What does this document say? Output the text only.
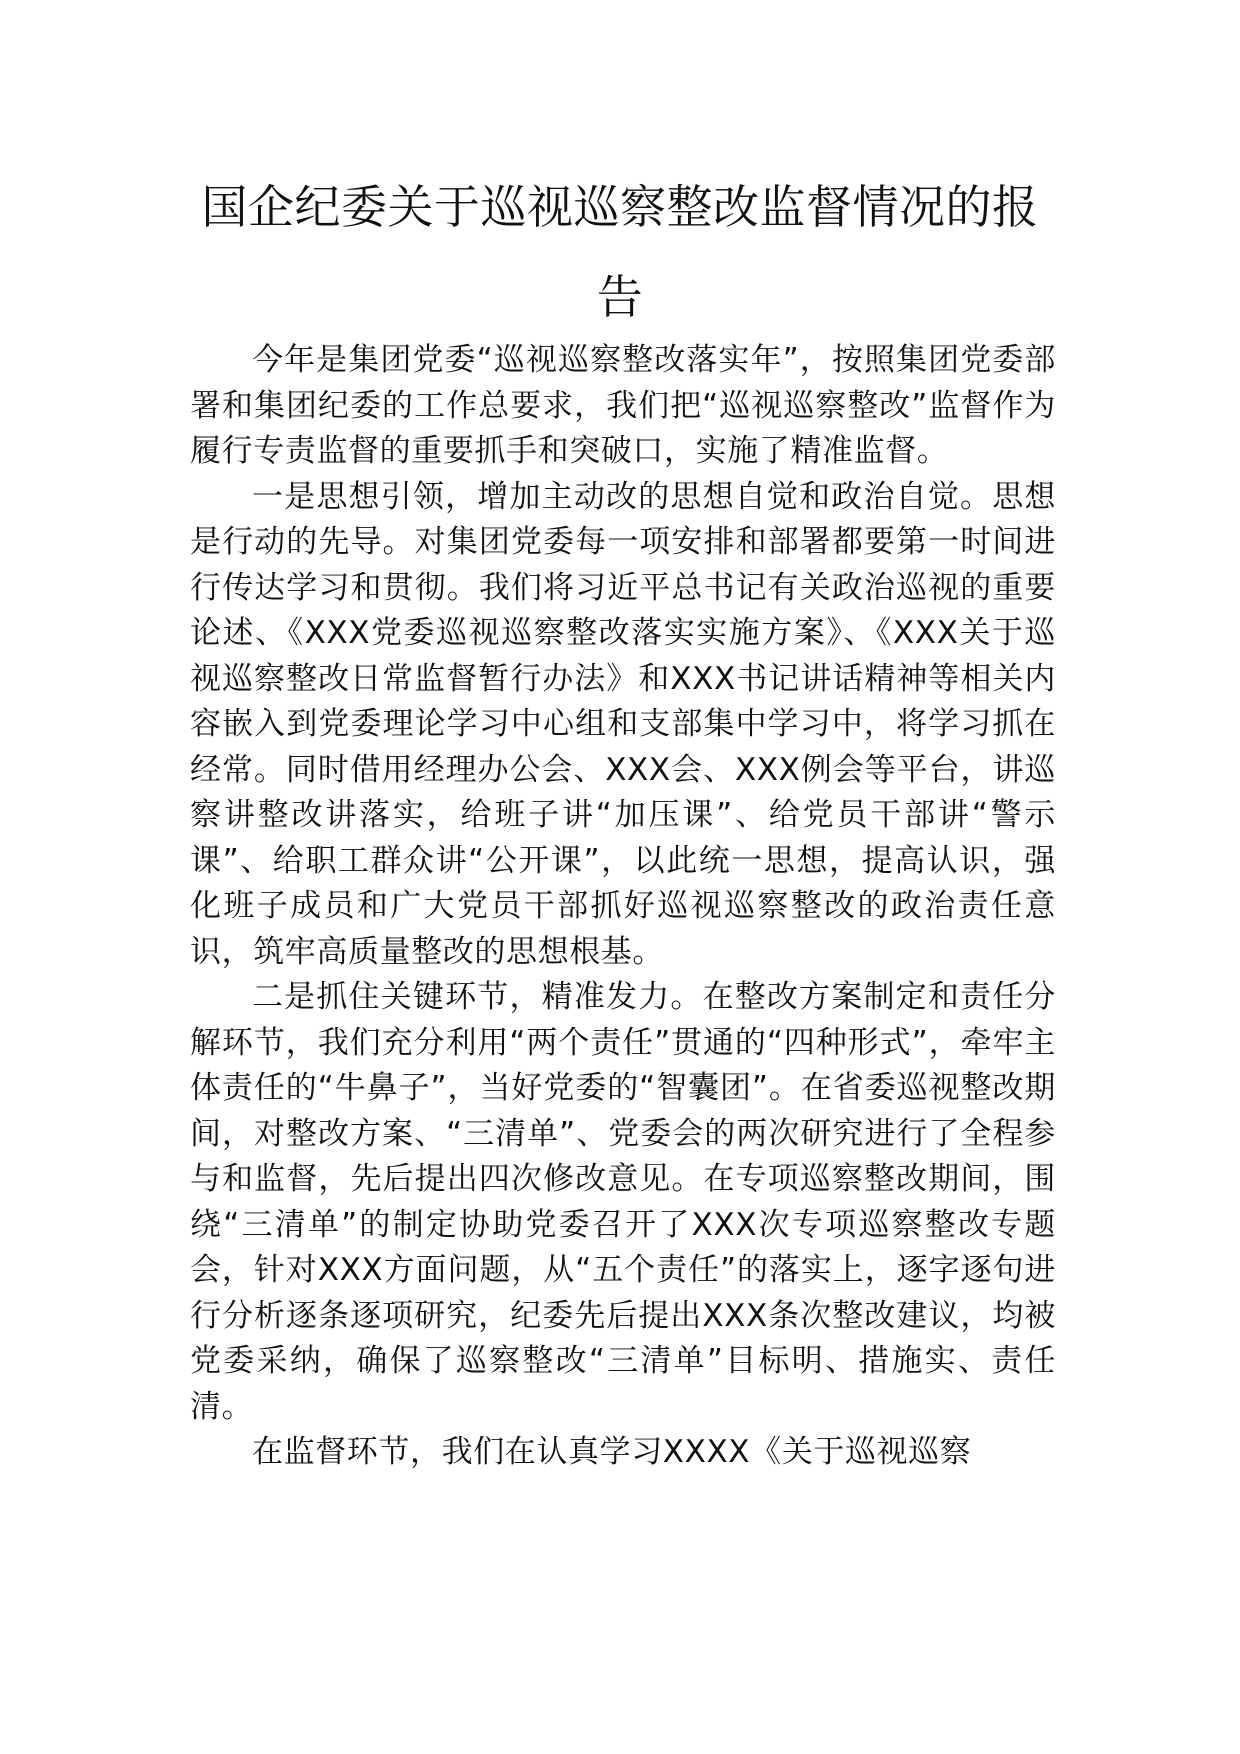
国企纪委关于巡视巡察整改监督情况的报告

今年是集团党委“巡视巡察整改落实年”，按照集团党委部署和集团纪委的工作总要求，我们把“巡视巡察整改”监督作为履行专责监督的重要抓手和突破口，实施了精准监督。

一是思想引领，增加主动改的思想自觉和政治自觉。思想是行动的先导。对集团党委每一项安排和部署都要第一时间进行传达学习和贯彻。我们将习近平总书记有关政治巡视的重要论述、《XXX党委巡视巡察整改落实实施方案》、《XXX关于巡视巡察整改日常监督暂行办法》和XXX书记讲话精神等相关内容嵌入到党委理论学习中心组和支部集中学习中，将学习抓在经常。同时借用经理办公会、XXX会、XXX例会等平台，讲巡察讲整改讲落实，给班子讲“加压课”、给党员干部讲“警示课”、给职工群众讲“公开课”，以此统一思想，提高认识，强化班子成员和广大党员干部抓好巡视巡察整改的政治责任意识，筑牢高质量整改的思想根基。

二是抓住关键环节，精准发力。在整改方案制定和责任分解环节，我们充分利用“两个责任”贯通的“四种形式”，牵牢主体责任的“牛鼻子”，当好党委的“智囊团”。在省委巡视整改期间，对整改方案、“三清单”、党委会的两次研究进行了全程参与和监督，先后提出四次修改意见。在专项巡察整改期间，围绕“三清单”的制定协助党委召开了XXX次专项巡察整改专题会，针对XXX方面问题，从“五个责任”的落实上，逐字逐句进行分析逐条逐项研究，纪委先后提出XXX条次整改建议，均被党委采纳，确保了巡察整改“三清单”目标明、措施实、责任清。

在监督环节，我们在认真学习XXXX《关于巡视巡察
